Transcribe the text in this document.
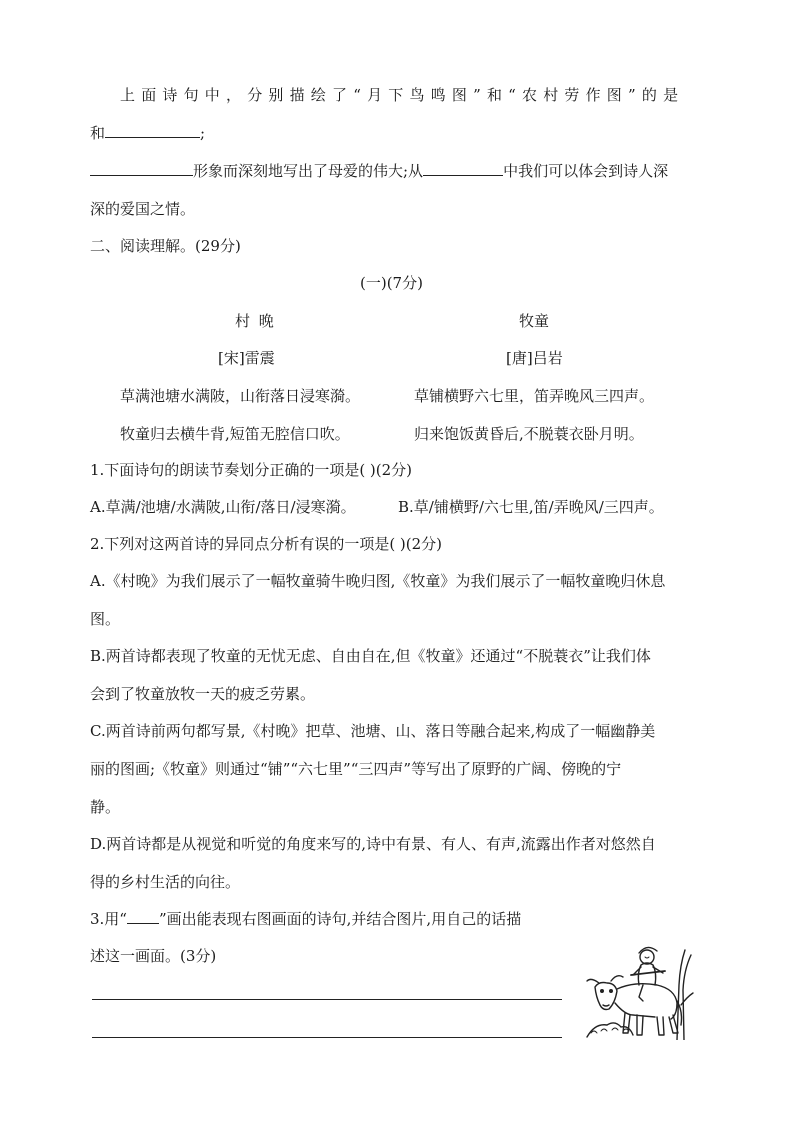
上面诗句中，分别描绘了“月下鸟鸣图”和“农村劳作图”的是
和	;
形象而深刻地写出了母爱的伟大;从	中我们可以体会到诗人深
深的爱国之情。
二、阅读理解。(29分)
(一)(7分)
村 晚	牧童
[宋]雷震	[唐]吕岩
草满池塘水满陂，山衔落日浸寒漪。	草铺横野六七里，笛弄晚风三四声。
牧童归去横牛背,短笛无腔信口吹。	归来饱饭黄昏后,不脱蓑衣卧月明。
1.下面诗句的朗读节奏划分正确的一项是( )(2分)
A.草满/池塘/水满陂,山衔/落日/浸寒漪。	B.草/铺横野/六七里,笛/弄晚风/三四声。
2.下列对这两首诗的异同点分析有误的一项是( )(2分)
A.《村晚》为我们展示了一幅牧童骑牛晚归图,《牧童》为我们展示了一幅牧童晚归休息
图。
B.两首诗都表现了牧童的无忧无虑、自由自在,但《牧童》还通过“不脱蓑衣”让我们体
会到了牧童放牧一天的疲乏劳累。
C.两首诗前两句都写景,《村晚》把草、池塘、山、落日等融合起来,构成了一幅幽静美
丽的图画;《牧童》则通过“铺”“六七里”“三四声”等写出了原野的广阔、傍晚的宁
静。
D.两首诗都是从视觉和听觉的角度来写的,诗中有景、有人、有声,流露出作者对悠然自
得的乡村生活的向往。
3.用“ ”画出能表现右图画面的诗句,并结合图片,用自己的话描
述这一画面。(3分)
